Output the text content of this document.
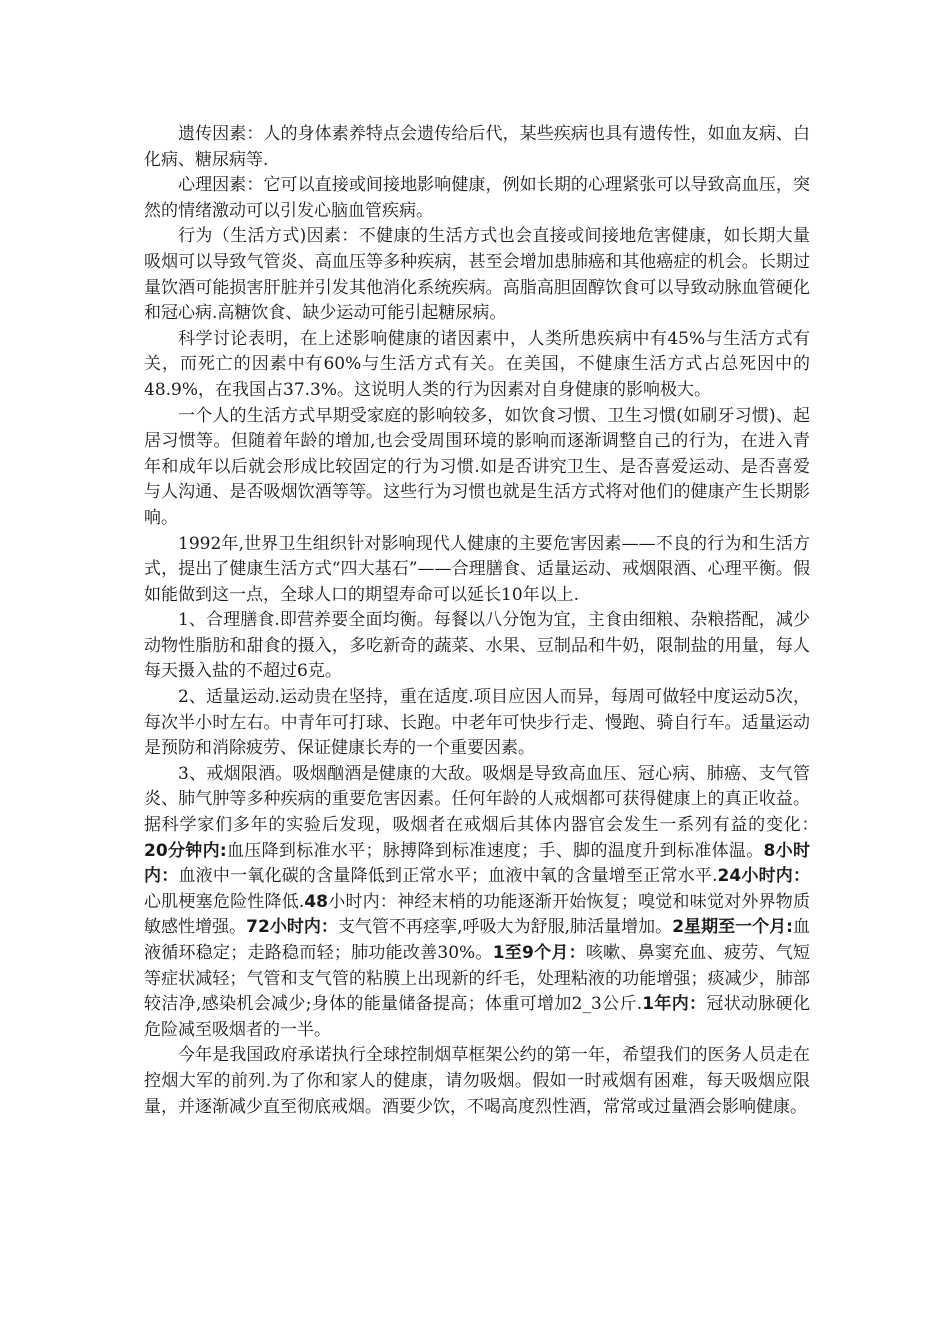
遗传因素：人的身体素养特点会遗传给后代，某些疾病也具有遗传性，如血友病、白化病、糖尿病等.

心理因素：它可以直接或间接地影响健康，例如长期的心理紧张可以导致高血压，突然的情绪激动可以引发心脑血管疾病。

行为（生活方式)因素：不健康的生活方式也会直接或间接地危害健康，如长期大量吸烟可以导致气管炎、高血压等多种疾病，甚至会增加患肺癌和其他癌症的机会。长期过量饮酒可能损害肝脏并引发其他消化系统疾病。高脂高胆固醇饮食可以导致动脉血管硬化和冠心病.高糖饮食、缺少运动可能引起糖尿病。

科学讨论表明，在上述影响健康的诸因素中，人类所患疾病中有45%与生活方式有关，而死亡的因素中有60%与生活方式有关。在美国，不健康生活方式占总死因中的48.9%，在我国占37.3%。这说明人类的行为因素对自身健康的影响极大。

一个人的生活方式早期受家庭的影响较多，如饮食习惯、卫生习惯(如刷牙习惯)、起居习惯等。但随着年龄的增加,也会受周围环境的影响而逐渐调整自己的行为，在进入青年和成年以后就会形成比较固定的行为习惯.如是否讲究卫生、是否喜爱运动、是否喜爱与人沟通、是否吸烟饮酒等等。这些行为习惯也就是生活方式将对他们的健康产生长期影响。

1992年,世界卫生组织针对影响现代人健康的主要危害因素——不良的行为和生活方式，提出了健康生活方式“四大基石”——合理膳食、适量运动、戒烟限酒、心理平衡。假如能做到这一点，全球人口的期望寿命可以延长10年以上.

1、合理膳食.即营养要全面均衡。每餐以八分饱为宜，主食由细粮、杂粮搭配，减少动物性脂肪和甜食的摄入，多吃新奇的蔬菜、水果、豆制品和牛奶，限制盐的用量，每人每天摄入盐的不超过6克。

2、适量运动.运动贵在坚持，重在适度.项目应因人而异，每周可做轻中度运动5次，每次半小时左右。中青年可打球、长跑。中老年可快步行走、慢跑、骑自行车。适量运动是预防和消除疲劳、保证健康长寿的一个重要因素。

3、戒烟限酒。吸烟酗酒是健康的大敌。吸烟是导致高血压、冠心病、肺癌、支气管炎、肺气肿等多种疾病的重要危害因素。任何年龄的人戒烟都可获得健康上的真正收益。据科学家们多年的实验后发现，吸烟者在戒烟后其体内器官会发生一系列有益的变化：　20分钟内:血压降到标准水平；脉搏降到标准速度；手、脚的温度升到标准体温。8小时内：血液中一氧化碳的含量降低到正常水平；血液中氧的含量增至正常水平.24小时内：心肌梗塞危险性降低.48小时内：神经末梢的功能逐渐开始恢复；嗅觉和味觉对外界物质敏感性增强。72小时内：支气管不再痉挛,呼吸大为舒服,肺活量增加。2星期至一个月:血液循环稳定；走路稳而轻；肺功能改善30%。1至9个月：咳嗽、鼻窦充血、疲劳、气短等症状减轻；气管和支气管的粘膜上出现新的纤毛，处理粘液的功能增强；痰减少，肺部较洁净,感染机会减少;身体的能量储备提高；体重可增加2_3公斤.1年内：冠状动脉硬化危险减至吸烟者的一半。

今年是我国政府承诺执行全球控制烟草框架公约的第一年，希望我们的医务人员走在控烟大军的前列.为了你和家人的健康，请勿吸烟。假如一时戒烟有困难，每天吸烟应限量，并逐渐减少直至彻底戒烟。酒要少饮，不喝高度烈性酒，常常或过量酒会影响健康。
